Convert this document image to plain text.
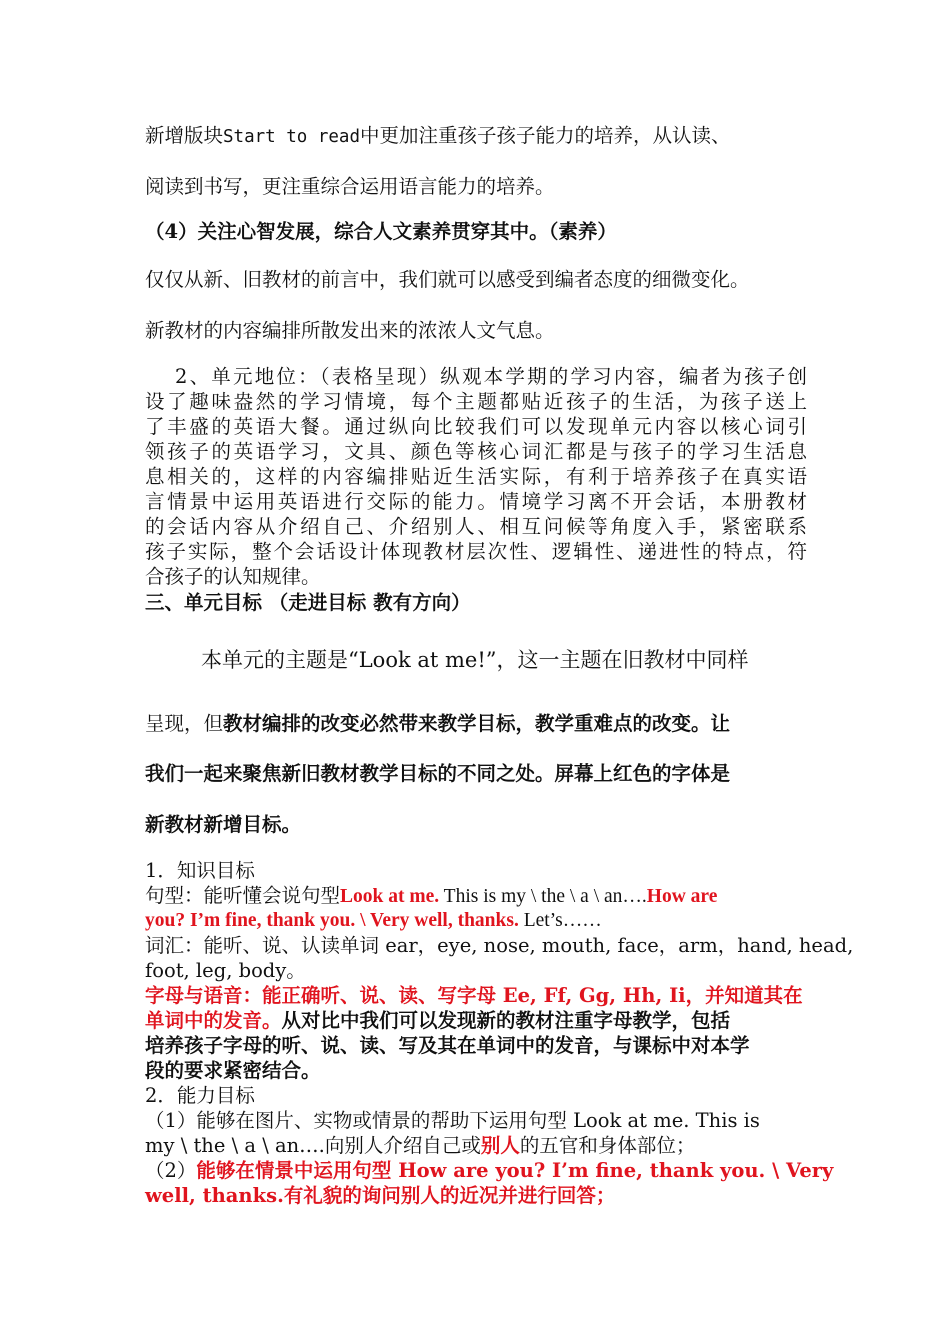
新增版块Start to read中更加注重孩子孩子能力的培养，从认读、
阅读到书写，更注重综合运用语言能力的培养。
（4）关注心智发展，综合人文素养贯穿其中。（素养）
仅仅从新、旧教材的前言中，我们就可以感受到编者态度的细微变化。
新教材的内容编排所散发出来的浓浓人文气息。
2、单元地位：（表格呈现）纵观本学期的学习内容，编者为孩子创
设了趣味盎然的学习情境，每个主题都贴近孩子的生活，为孩子送上
了丰盛的英语大餐。通过纵向比较我们可以发现单元内容以核心词引
领孩子的英语学习，文具、颜色等核心词汇都是与孩子的学习生活息
息相关的，这样的内容编排贴近生活实际，有利于培养孩子在真实语
言情景中运用英语进行交际的能力。情境学习离不开会话，本册教材
的会话内容从介绍自己、介绍别人、相互问候等角度入手，紧密联系
孩子实际，整个会话设计体现教材层次性、逻辑性、递进性的特点，符
合孩子的认知规律。
三、单元目标 （走进目标 教有方向）
本单元的主题是“Look at me!”，这一主题在旧教材中同样
呈现，但教材编排的改变必然带来教学目标，教学重难点的改变。让
我们一起来聚焦新旧教材教学目标的不同之处。屏幕上红色的字体是
新教材新增目标。
1．知识目标
句型：能听懂会说句型Look at me. This is my \ the \ a \ an….How are
you? I’m fine, thank you. \ Very well, thanks. Let’s……
词汇：能听、说、认读单词 ear，eye, nose, mouth, face，arm，hand, head,
foot, leg, body。
字母与语音：能正确听、说、读、写字母 Ee, Ff, Gg, Hh, Ii，并知道其在
单词中的发音。从对比中我们可以发现新的教材注重字母教学，包括
培养孩子字母的听、说、读、写及其在单词中的发音，与课标中对本学
段的要求紧密结合。
2．能力目标
（1）能够在图片、实物或情景的帮助下运用句型 Look at me. This is
my \ the \ a \ an….向别人介绍自己或别人的五官和身体部位；
（2）能够在情景中运用句型 How are you? I’m fine, thank you. \ Very
well, thanks.有礼貌的询问别人的近况并进行回答；
